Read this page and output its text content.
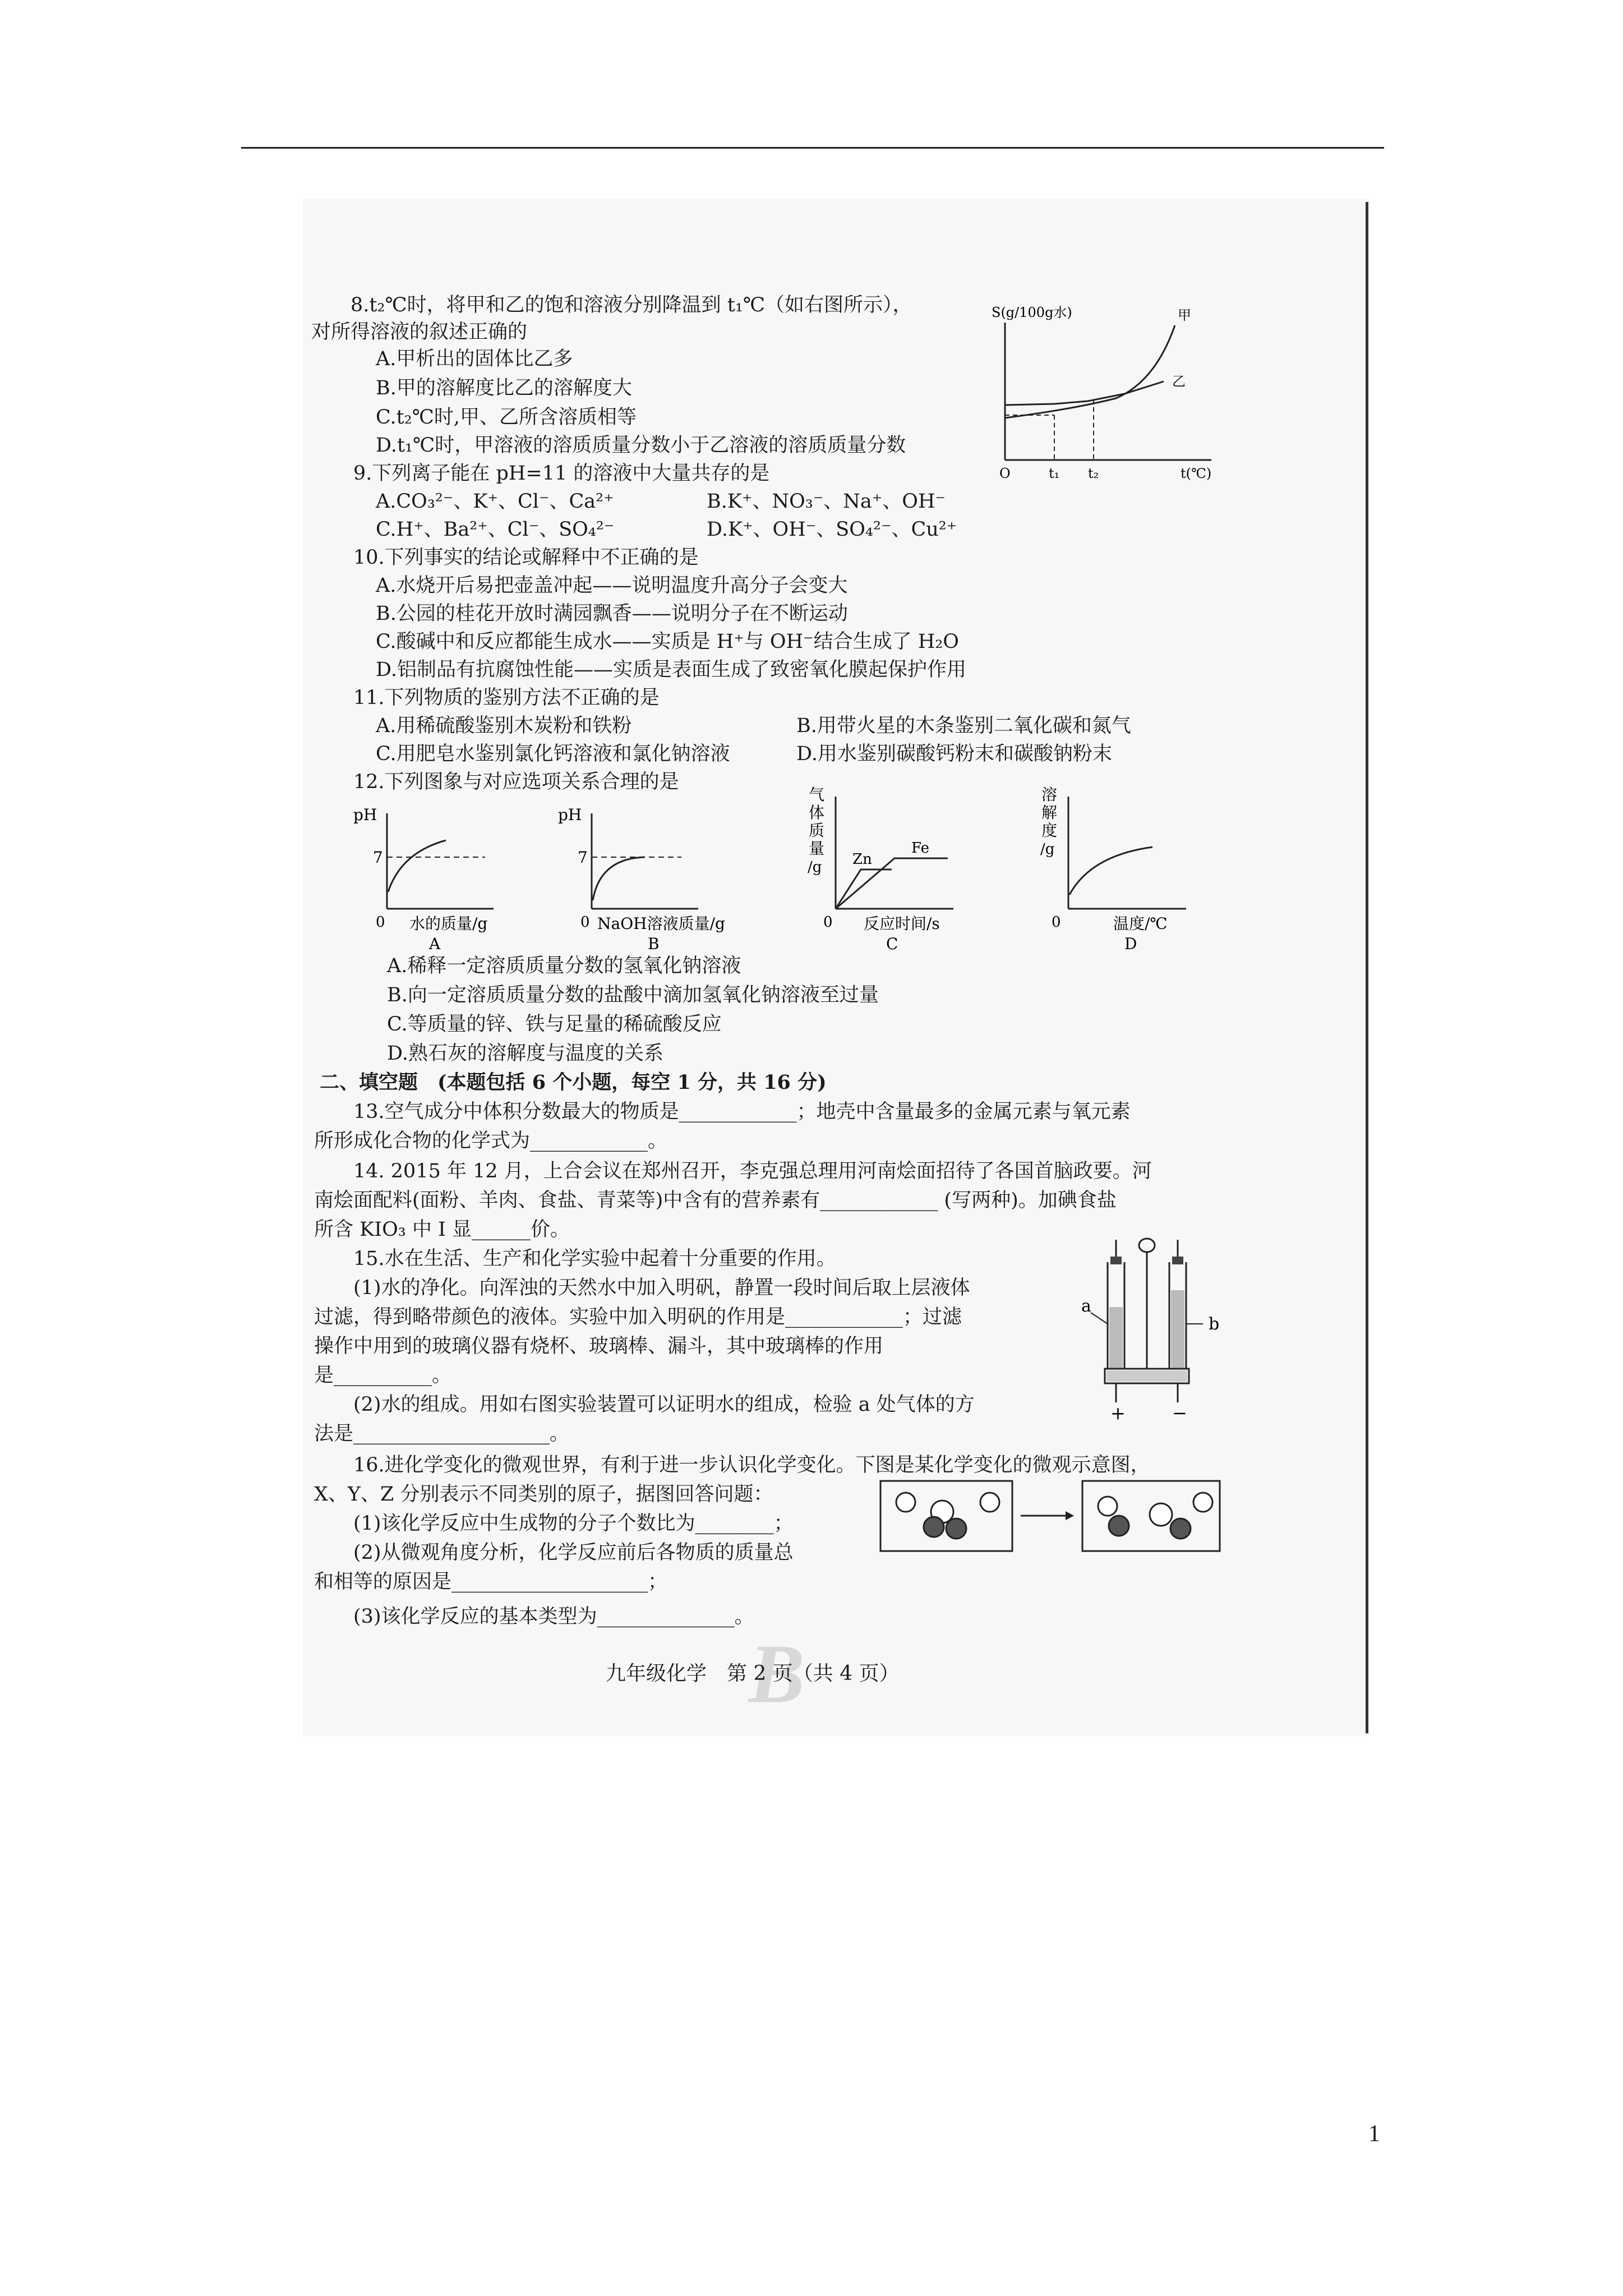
8.t₂℃时，将甲和乙的饱和溶液分别降温到 t₁℃（如右图所示），
对所得溶液的叙述正确的
A.甲析出的固体比乙多
B.甲的溶解度比乙的溶解度大
C.t₂℃时,甲、乙所含溶质相等
D.t₁℃时，甲溶液的溶质质量分数小于乙溶液的溶质质量分数
S(g/100g水)	甲
乙
O	t₁ t₂	t(℃)
9.下列离子能在 pH=11 的溶液中大量共存的是
A.CO₃²⁻、K⁺、Cl⁻、Ca²⁺	B.K⁺、NO₃⁻、Na⁺、OH⁻
C.H⁺、Ba²⁺、Cl⁻、SO₄²⁻	D.K⁺、OH⁻、SO₄²⁻、Cu²⁺
10.下列事实的结论或解释中不正确的是
A.水烧开后易把壶盖冲起——说明温度升高分子会变大
B.公园的桂花开放时满园飘香——说明分子在不断运动
C.酸碱中和反应都能生成水——实质是 H⁺与 OH⁻结合生成了 H₂O
D.铝制品有抗腐蚀性能——实质是表面生成了致密氧化膜起保护作用
11.下列物质的鉴别方法不正确的是
A.用稀硫酸鉴别木炭粉和铁粉	B.用带火星的木条鉴别二氧化碳和氮气
C.用肥皂水鉴别氯化钙溶液和氯化钠溶液	D.用水鉴别碳酸钙粉末和碳酸钠粉末
12.下列图象与对应选项关系合理的是
pH
7
0 水的质量/g
A
pH
7
0 NaOH溶液质量/g
B
气
体
质
量
/g Zn
Fe
0 反应时间/s
C
溶
解
度
/g
0	温度/℃
D
A.稀释一定溶质质量分数的氢氧化钠溶液
B.向一定溶质质量分数的盐酸中滴加氢氧化钠溶液至过量
C.等质量的锌、铁与足量的稀硫酸反应
D.熟石灰的溶解度与温度的关系
二、填空题　(本题包括 6 个小题，每空 1 分，共 16 分)
13.空气成分中体积分数最大的物质是____________；地壳中含量最多的金属元素与氧元素
所形成化合物的化学式为____________。
14. 2015 年 12 月，上合会议在郑州召开，李克强总理用河南烩面招待了各国首脑政要。河
南烩面配料(面粉、羊肉、食盐、青菜等)中含有的营养素有____________ (写两种)。加碘食盐
所含 KIO₃ 中 I 显______价。
15.水在生活、生产和化学实验中起着十分重要的作用。
(1)水的净化。向浑浊的天然水中加入明矾，静置一段时间后取上层液体
过滤，得到略带颜色的液体。实验中加入明矾的作用是____________；过滤
操作中用到的玻璃仪器有烧杯、玻璃棒、漏斗，其中玻璃棒的作用
是__________。
(2)水的组成。用如右图实验装置可以证明水的组成，检验 a 处气体的方
法是____________________。
a
b
+	−
16.进化学变化的微观世界，有利于进一步认识化学变化。下图是某化学变化的微观示意图，
X、Y、Z 分别表示不同类别的原子，据图回答问题：
(1)该化学反应中生成物的分子个数比为________；
(2)从微观角度分析，化学反应前后各物质的质量总
和相等的原因是____________________；
(3)该化学反应的基本类型为______________。
B
九年级化学　第 2 页（共 4 页）
1
